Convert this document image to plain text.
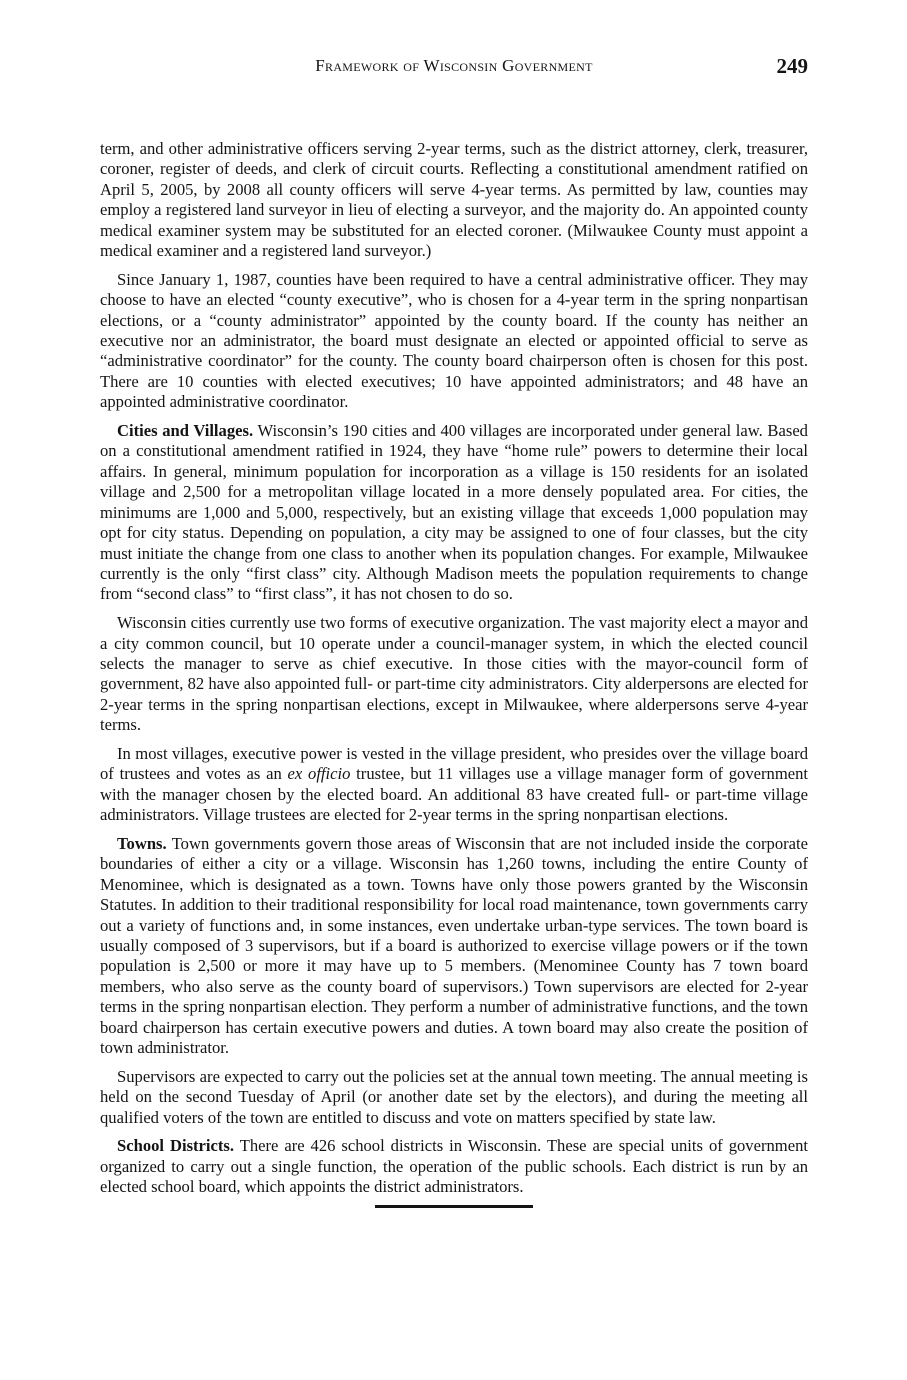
Framework of Wisconsin Government	249

term, and other administrative officers serving 2-year terms, such as the district attorney, clerk, treasurer, coroner, register of deeds, and clerk of circuit courts. Reflecting a constitutional amendment ratified on April 5, 2005, by 2008 all county officers will serve 4-year terms. As permitted by law, counties may employ a registered land surveyor in lieu of electing a surveyor, and the majority do. An appointed county medical examiner system may be substituted for an elected coroner. (Milwaukee County must appoint a medical examiner and a registered land surveyor.)

Since January 1, 1987, counties have been required to have a central administrative officer. They may choose to have an elected “county executive”, who is chosen for a 4-year term in the spring nonpartisan elections, or a “county administrator” appointed by the county board. If the county has neither an executive nor an administrator, the board must designate an elected or appointed official to serve as “administrative coordinator” for the county. The county board chairperson often is chosen for this post. There are 10 counties with elected executives; 10 have appointed administrators; and 48 have an appointed administrative coordinator.

Cities and Villages. Wisconsin’s 190 cities and 400 villages are incorporated under general law. Based on a constitutional amendment ratified in 1924, they have “home rule” powers to determine their local affairs. In general, minimum population for incorporation as a village is 150 residents for an isolated village and 2,500 for a metropolitan village located in a more densely populated area. For cities, the minimums are 1,000 and 5,000, respectively, but an existing village that exceeds 1,000 population may opt for city status. Depending on population, a city may be assigned to one of four classes, but the city must initiate the change from one class to another when its population changes. For example, Milwaukee currently is the only “first class” city. Although Madison meets the population requirements to change from “second class” to “first class”, it has not chosen to do so.

Wisconsin cities currently use two forms of executive organization. The vast majority elect a mayor and a city common council, but 10 operate under a council-manager system, in which the elected council selects the manager to serve as chief executive. In those cities with the mayor-council form of government, 82 have also appointed full- or part-time city administrators. City alderpersons are elected for 2-year terms in the spring nonpartisan elections, except in Milwaukee, where alderpersons serve 4-year terms.

In most villages, executive power is vested in the village president, who presides over the village board of trustees and votes as an ex officio trustee, but 11 villages use a village manager form of government with the manager chosen by the elected board. An additional 83 have created full- or part-time village administrators. Village trustees are elected for 2-year terms in the spring nonpartisan elections.

Towns. Town governments govern those areas of Wisconsin that are not included inside the corporate boundaries of either a city or a village. Wisconsin has 1,260 towns, including the entire County of Menominee, which is designated as a town. Towns have only those powers granted by the Wisconsin Statutes. In addition to their traditional responsibility for local road maintenance, town governments carry out a variety of functions and, in some instances, even undertake urban-type services. The town board is usually composed of 3 supervisors, but if a board is authorized to exercise village powers or if the town population is 2,500 or more it may have up to 5 members. (Menominee County has 7 town board members, who also serve as the county board of supervisors.) Town supervisors are elected for 2-year terms in the spring nonpartisan election. They perform a number of administrative functions, and the town board chairperson has certain executive powers and duties. A town board may also create the position of town administrator.

Supervisors are expected to carry out the policies set at the annual town meeting. The annual meeting is held on the second Tuesday of April (or another date set by the electors), and during the meeting all qualified voters of the town are entitled to discuss and vote on matters specified by state law.

School Districts. There are 426 school districts in Wisconsin. These are special units of government organized to carry out a single function, the operation of the public schools. Each district is run by an elected school board, which appoints the district administrators.
